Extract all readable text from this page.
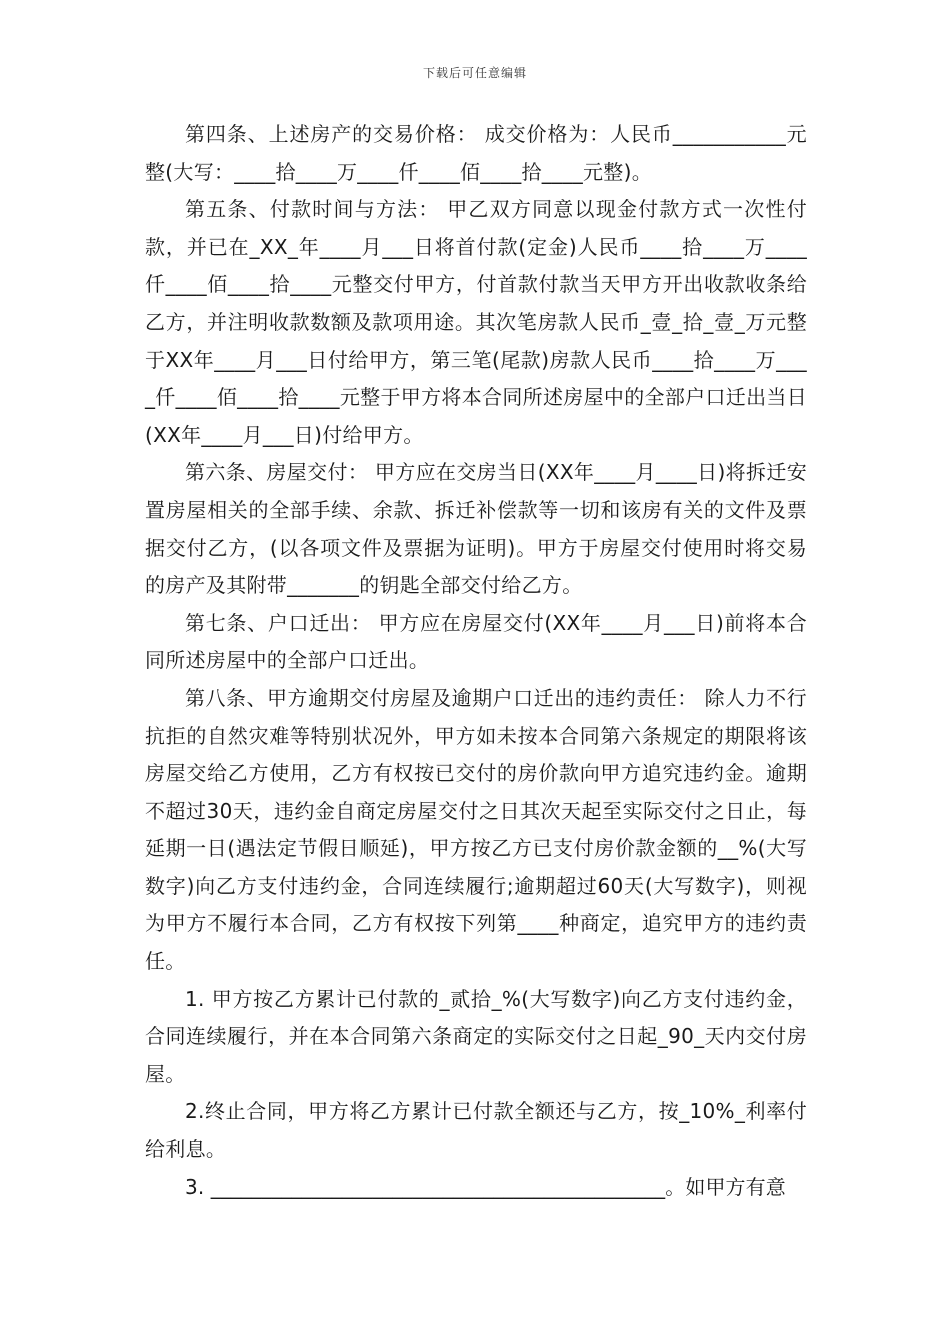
下载后可任意编辑

第四条、上述房产的交易价格： 成交价格为：人民币___________元整(大写：____拾____万____仟____佰____拾____元整)。

第五条、付款时间与方法： 甲乙双方同意以现金付款方式一次性付款，并已在_XX_年____月___日将首付款(定金)人民币____拾____万____仟____佰____拾____元整交付甲方，付首款付款当天甲方开出收款收条给乙方，并注明收款数额及款项用途。其次笔房款人民币_壹_拾_壹_万元整于XX年____月___日付给甲方，第三笔(尾款)房款人民币____拾____万____仟____佰____拾____元整于甲方将本合同所述房屋中的全部户口迁出当日(XX年____月___日)付给甲方。

第六条、房屋交付： 甲方应在交房当日(XX年____月____日)将拆迁安置房屋相关的全部手续、余款、拆迁补偿款等一切和该房有关的文件及票据交付乙方，(以各项文件及票据为证明)。甲方于房屋交付使用时将交易的房产及其附带_______的钥匙全部交付给乙方。

第七条、户口迁出： 甲方应在房屋交付(XX年____月___日)前将本合同所述房屋中的全部户口迁出。

第八条、甲方逾期交付房屋及逾期户口迁出的违约责任： 除人力不行抗拒的自然灾难等特别状况外，甲方如未按本合同第六条规定的期限将该房屋交给乙方使用，乙方有权按已交付的房价款向甲方追究违约金。逾期不超过30天，违约金自商定房屋交付之日其次天起至实际交付之日止，每延期一日(遇法定节假日顺延)，甲方按乙方已支付房价款金额的__%(大写数字)向乙方支付违约金，合同连续履行;逾期超过60天(大写数字)，则视为甲方不履行本合同，乙方有权按下列第____种商定，追究甲方的违约责任。

1. 甲方按乙方累计已付款的_贰拾_%(大写数字)向乙方支付违约金，合同连续履行，并在本合同第六条商定的实际交付之日起_90_天内交付房屋。

2.终止合同，甲方将乙方累计已付款全额还与乙方，按_10%_利率付给利息。

3. _____________________________________________。如甲方有意
